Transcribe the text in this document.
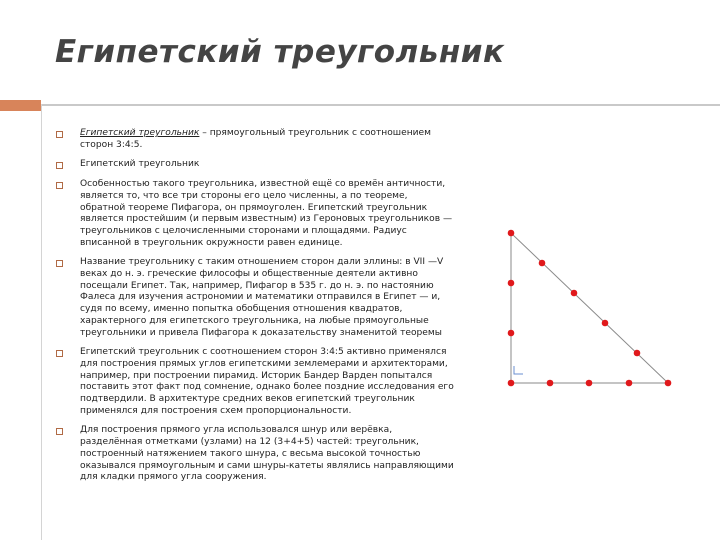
Египетский треугольник
Египетский треугольник – прямоугольный треугольник с соотношением сторон 3:4:5.
Египетский треугольник
Особенностью такого треугольника, известной ещё со времён античности, является то, что все три стороны его цело численны, а по теореме, обратной теореме Пифагора, он прямоуголен. Египетский треугольник является простейшим (и первым известным) из Героновых треугольников — треугольников с целочисленными сторонами и площадями. Радиус вписанной в треугольник окружности равен единице.
Название треугольнику с таким отношением сторон дали эллины: в VII —V веках до н. э. греческие философы и общественные деятели активно посещали Египет. Так, например, Пифагор в 535 г. до н. э. по настоянию Фалеса для изучения астрономии и математики отправился в Египет — и, судя по всему, именно попытка обобщения отношения квадратов, характерного для египетского треугольника, на любые прямоугольные треугольники и привела Пифагора к доказательству знаменитой теоремы
Египетский треугольник с соотношением сторон 3:4:5 активно применялся для построения прямых углов египетскими землемерами и архитекторами, например, при построении пирамид. Историк Бандер Варден попытался поставить этот факт под сомнение, однако более поздние исследования его подтвердили. В архитектуре средних веков египетский треугольник применялся для построения схем пропорциональности.
Для построения прямого угла использовался шнур или верёвка, разделённая отметками (узлами) на 12 (3+4+5) частей: треугольник, построенный натяжением такого шнура, с весьма высокой точностью оказывался прямоугольным и сами шнуры-катеты являлись направляющими для кладки прямого угла сооружения.
